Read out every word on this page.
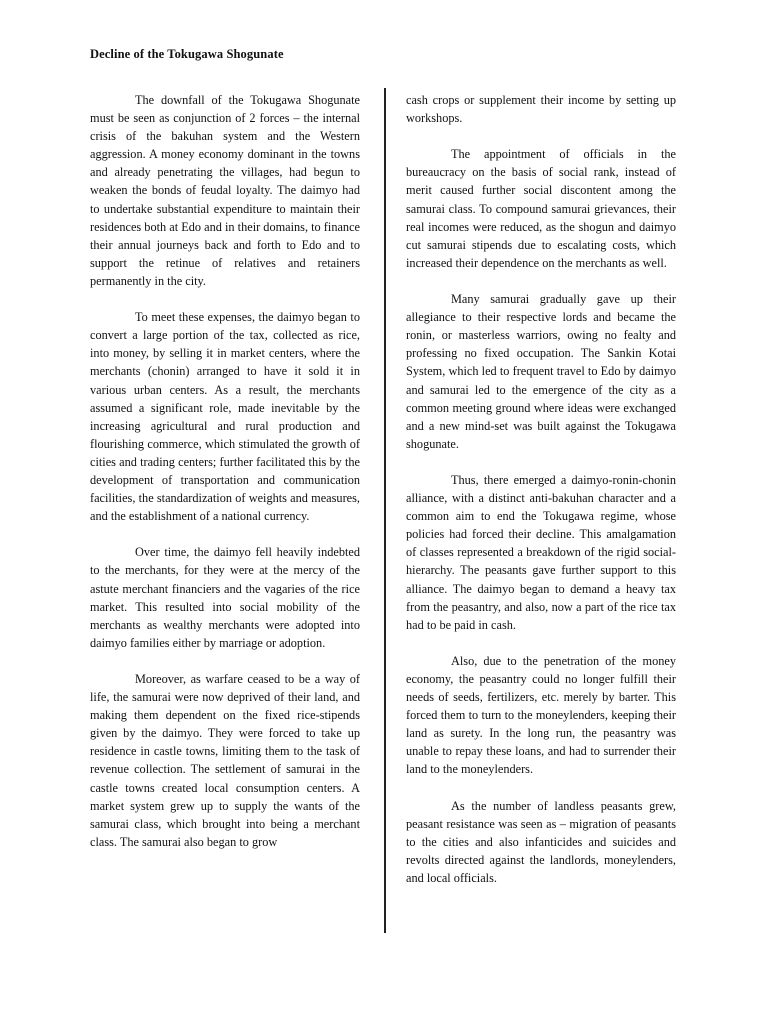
Decline of the Tokugawa Shogunate

The downfall of the Tokugawa Shogunate must be seen as conjunction of 2 forces – the internal crisis of the bakuhan system and the Western aggression. A money economy dominant in the towns and already penetrating the villages, had begun to weaken the bonds of feudal loyalty. The daimyo had to undertake substantial expenditure to maintain their residences both at Edo and in their domains, to finance their annual journeys back and forth to Edo and to support the retinue of relatives and retainers permanently in the city.

To meet these expenses, the daimyo began to convert a large portion of the tax, collected as rice, into money, by selling it in market centers, where the merchants (chonin) arranged to have it sold it in various urban centers. As a result, the merchants assumed a significant role, made inevitable by the increasing agricultural and rural production and flourishing commerce, which stimulated the growth of cities and trading centers; further facilitated this by the development of transportation and communication facilities, the standardization of weights and measures, and the establishment of a national currency.

Over time, the daimyo fell heavily indebted to the merchants, for they were at the mercy of the astute merchant financiers and the vagaries of the rice market. This resulted into social mobility of the merchants as wealthy merchants were adopted into daimyo families either by marriage or adoption.

Moreover, as warfare ceased to be a way of life, the samurai were now deprived of their land, and making them dependent on the fixed rice-stipends given by the daimyo. They were forced to take up residence in castle towns, limiting them to the task of revenue collection. The settlement of samurai in the castle towns created local consumption centers. A market system grew up to supply the wants of the samurai class, which brought into being a merchant class. The samurai also began to grow

cash crops or supplement their income by setting up workshops.

The appointment of officials in the bureaucracy on the basis of social rank, instead of merit caused further social discontent among the samurai class. To compound samurai grievances, their real incomes were reduced, as the shogun and daimyo cut samurai stipends due to escalating costs, which increased their dependence on the merchants as well.

Many samurai gradually gave up their allegiance to their respective lords and became the ronin, or masterless warriors, owing no fealty and professing no fixed occupation. The Sankin Kotai System, which led to frequent travel to Edo by daimyo and samurai led to the emergence of the city as a common meeting ground where ideas were exchanged and a new mind-set was built against the Tokugawa shogunate.

Thus, there emerged a daimyo-ronin-chonin alliance, with a distinct anti-bakuhan character and a common aim to end the Tokugawa regime, whose policies had forced their decline. This amalgamation of classes represented a breakdown of the rigid social-hierarchy. The peasants gave further support to this alliance. The daimyo began to demand a heavy tax from the peasantry, and also, now a part of the rice tax had to be paid in cash.

Also, due to the penetration of the money economy, the peasantry could no longer fulfill their needs of seeds, fertilizers, etc. merely by barter. This forced them to turn to the moneylenders, keeping their land as surety. In the long run, the peasantry was unable to repay these loans, and had to surrender their land to the moneylenders.

As the number of landless peasants grew, peasant resistance was seen as – migration of peasants to the cities and also infanticides and suicides and revolts directed against the landlords, moneylenders, and local officials.
